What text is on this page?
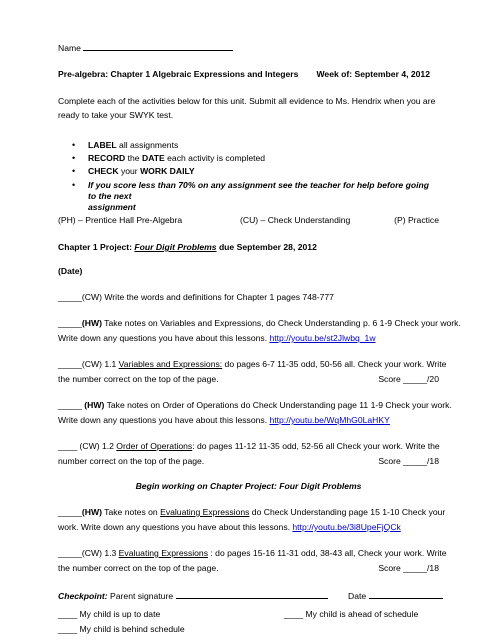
Name
Pre-algebra: Chapter 1 Algebraic Expressions and Integers Week of: September 4, 2012
Complete each of the activities below for this unit. Submit all evidence to Ms. Hendrix when you are
ready to take your SWYK test.
• LABEL all assignments
• RECORD the DATE each activity is completed
• CHECK your WORK DAILY
• If you score less than 70% on any assignment see the teacher for help before going to the next
assignment
(PH) – Prentice Hall Pre-Algebra	(CU) – Check Understanding	(P) Practice
Chapter 1 Project: Four Digit Problems due September 28, 2012
(Date)
_____(CW) Write the words and definitions for Chapter 1 pages 748-777
_____(HW) Take notes on Variables and Expressions, do Check Understanding p. 6 1-9 Check your work.
Write down any questions you have about this lessons. http://youtu.be/st2Jlwbq_1w
_____(CW) 1.1 Variables and Expressions: do pages 6-7 11-35 odd, 50-56 all. Check your work. Write
the number correct on the top of the page.	Score _____/20
_____ (HW) Take notes on Order of Operations do Check Understanding page 11 1-9 Check your work.
Write down any questions you have about this lessons. http://youtu.be/WqMhG0LaHKY
____ (CW) 1.2 Order of Operations: do pages 11-12 11-35 odd, 52-56 all Check your work. Write the
number correct on the top of the page.	Score _____/18
Begin working on Chapter Project: Four Digit Problems
_____(HW) Take notes on Evaluating Expressions do Check Understanding page 15 1-10 Check your
work. Write down any questions you have about this lessons. http://youtu.be/3i8UpeFjQCk
_____(CW) 1.3 Evaluating Expressions : do pages 15-16 11-31 odd, 38-43 all, Check your work. Write
the number correct on the top of the page.	Score _____/18
Checkpoint: Parent signature	Date
____ My child is up to date	____ My child is ahead of schedule
____ My child is behind schedule
